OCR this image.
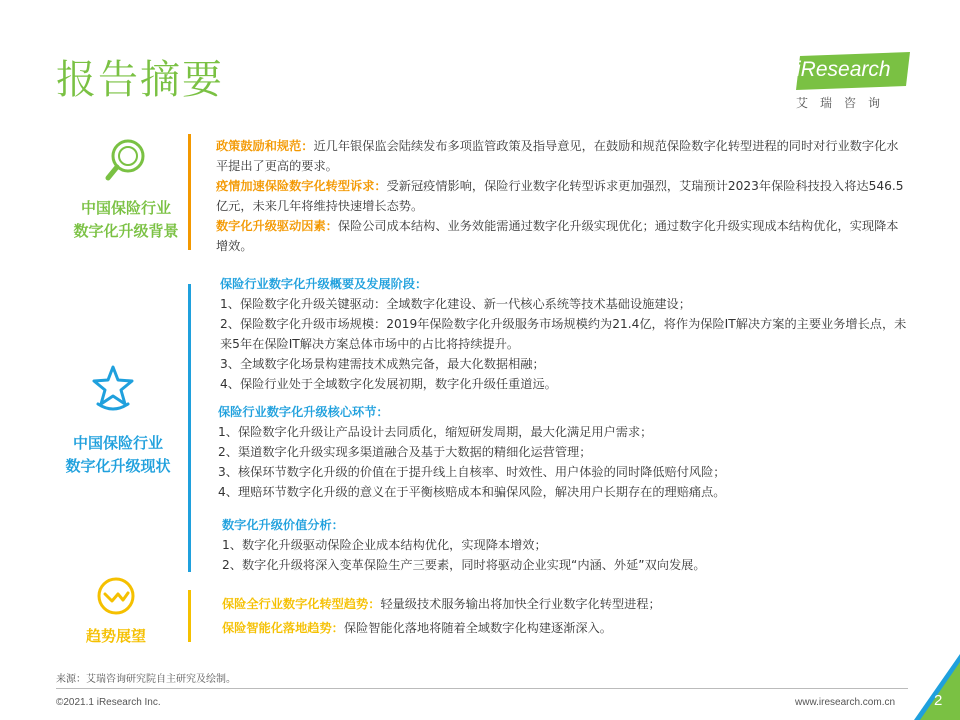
报告摘要	iResearch
艾瑞咨询
中国保险行业
数字化升级背景

政策鼓励和规范：近几年银保监会陆续发布多项监管政策及指导意见，在鼓励和规范保险数字化转型进程的同时对行业数字化水平提出了更高的要求。

疫情加速保险数字化转型诉求：受新冠疫情影响，保险行业数字化转型诉求更加强烈，艾瑞预计2023年保险科技投入将达546.5亿元，未来几年将维持快速增长态势。

数字化升级驱动因素：保险公司成本结构、业务效能需通过数字化升级实现优化；通过数字化升级实现成本结构优化，实现降本增效。

中国保险行业
数字化升级现状

保险行业数字化升级概要及发展阶段：

1、保险数字化升级关键驱动：全域数字化建设、新一代核心系统等技术基础设施建设；

2、保险数字化升级市场规模：2019年保险数字化升级服务市场规模约为21.4亿，将作为保险IT解决方案的主要业务增长点，未来5年在保险IT解决方案总体市场中的占比将持续提升。

3、全域数字化场景构建需技术成熟完备，最大化数据相融；

4、保险行业处于全域数字化发展初期，数字化升级任重道远。

保险行业数字化升级核心环节：

1、保险数字化升级让产品设计去同质化，缩短研发周期，最大化满足用户需求；

2、渠道数字化升级实现多渠道融合及基于大数据的精细化运营管理；

3、核保环节数字化升级的价值在于提升线上自核率、时效性、用户体验的同时降低赔付风险；

4、理赔环节数字化升级的意义在于平衡核赔成本和骗保风险，解决用户长期存在的理赔痛点。

数字化升级价值分析：

1、数字化升级驱动保险企业成本结构优化，实现降本增效；

2、数字化升级将深入变革保险生产三要素，同时将驱动企业实现“内涵、外延”双向发展。

趋势展望

保险全行业数字化转型趋势：轻量级技术服务输出将加快全行业数字化转型进程；

保险智能化落地趋势：保险智能化落地将随着全域数字化构建逐渐深入。

来源：艾瑞咨询研究院自主研究及绘制。
©2021.1 iResearch Inc.	www.iresearch.com.cn	2
